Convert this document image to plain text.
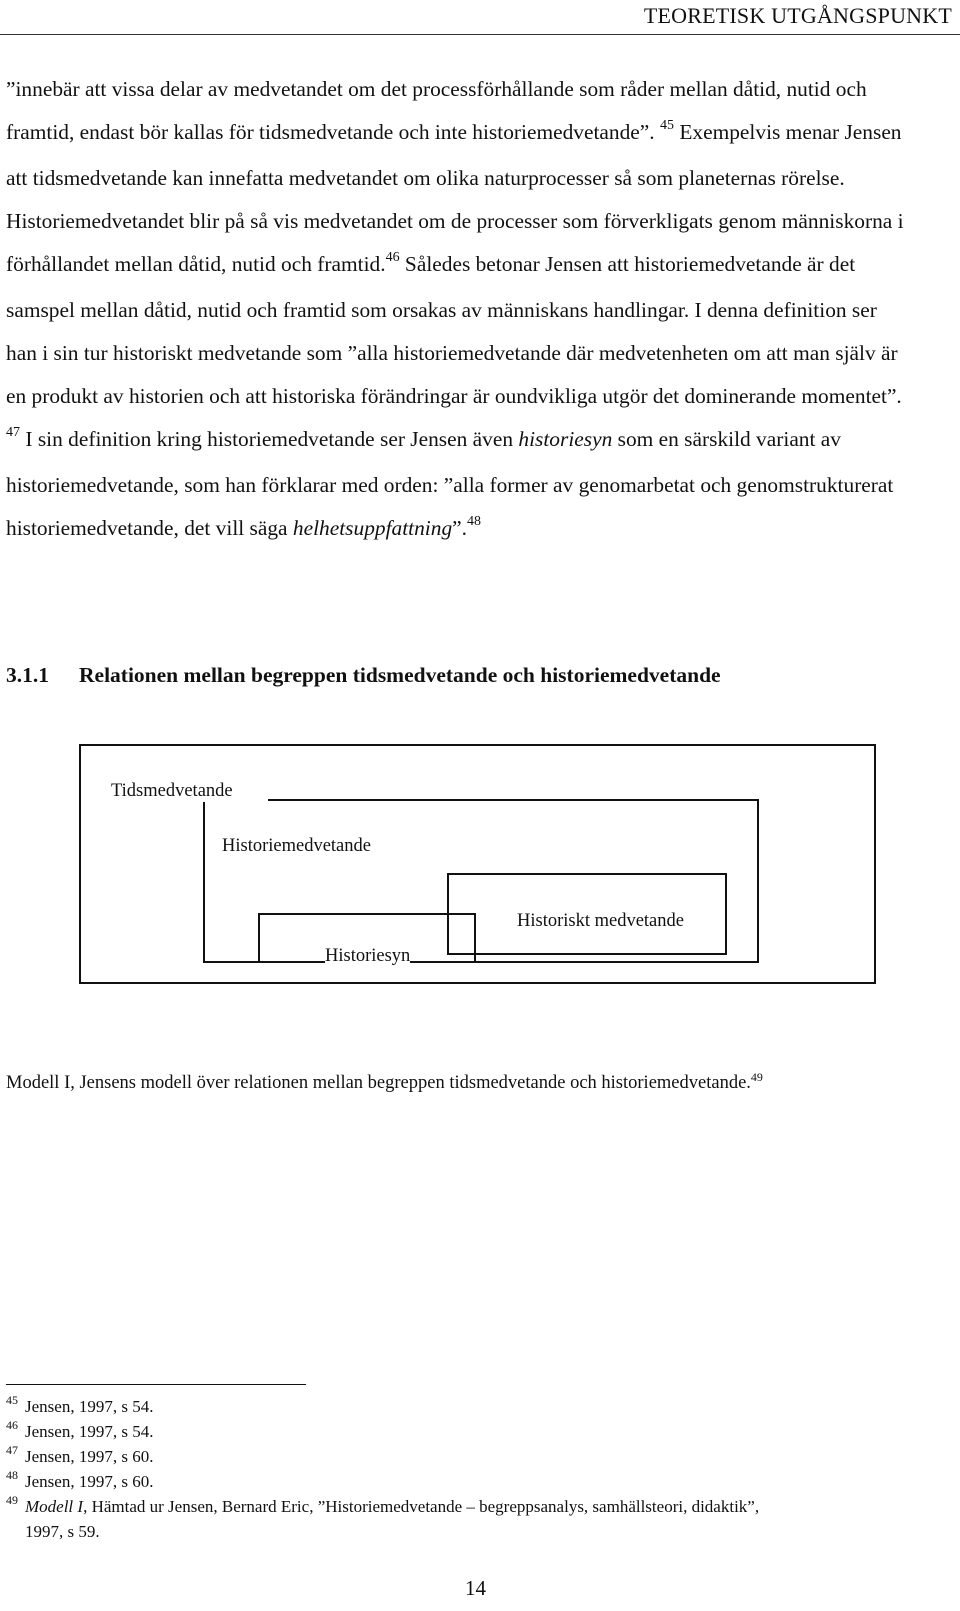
TEORETISK UTGÅNGSPUNKT

”innebär att vissa delar av medvetandet om det processförhållande som råder mellan dåtid, nutid och framtid, endast bör kallas för tidsmedvetande och inte historiemedvetande”. $^{45}$ Exempelvis menar Jensen att tidsmedvetande kan innefatta medvetandet om olika naturprocesser så som planeternas rörelse. Historiemedvetandet blir på så vis medvetandet om de processer som förverkligats genom människorna i förhållandet mellan dåtid, nutid och framtid.$^{46}$ Således betonar Jensen att historiemedvetande är det samspel mellan dåtid, nutid och framtid som orsakas av människans handlingar. I denna definition ser han i sin tur historiskt medvetande som ”alla historiemedvetande där medvetenheten om att man själv är en produkt av historien och att historiska förändringar är oundvikliga utgör det dominerande momentet”. $^{47}$ I sin definition kring historiemedvetande ser Jensen även historiesyn som en särskild variant av historiemedvetande, som han förklarar med orden: ”alla former av genomarbetat och genomstrukturerat historiemedvetande, det vill säga helhetsuppfattning”.$^{48}$

3.1.1 Relationen mellan begreppen tidsmedvetande och historiemedvetande
Tidsmedvetande
Historiemedvetande
Historiskt medvetande
Historiesyn
Modell I, Jensens modell över relationen mellan begreppen tidsmedvetande och historiemedvetande.$^{49}$
45 Jensen, 1997, s 54.
46 Jensen, 1997, s 54.
47 Jensen, 1997, s 60.
48 Jensen, 1997, s 60.
49 Modell I, Hämtad ur Jensen, Bernard Eric, ”Historiemedvetande – begreppsanalys, samhällsteori, didaktik”,
1997, s 59.
14
